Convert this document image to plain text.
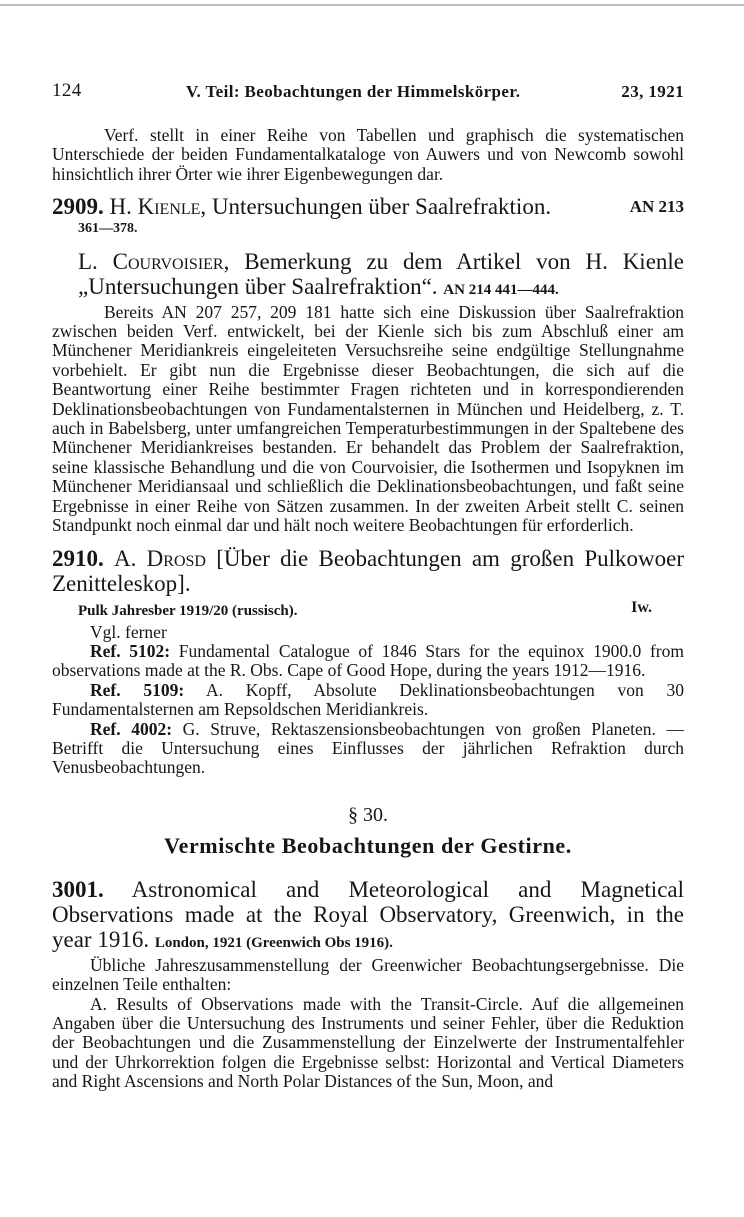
124	V. Teil: Beobachtungen der Himmelskörper.	23, 1921

Verf. stellt in einer Reihe von Tabellen und graphisch die systematischen Unterschiede der beiden Fundamentalkataloge von Auwers und von Newcomb sowohl hinsichtlich ihrer Örter wie ihrer Eigenbewegungen dar.

2909. H. Kienle, Untersuchungen über Saalrefraktion.	AN 213

361—378.

L. Courvoisier, Bemerkung zu dem Artikel von H. Kienle „Untersuchungen über Saalrefraktion“. AN 214 441—444.

Bereits AN 207 257, 209 181 hatte sich eine Diskussion über Saalrefraktion zwischen beiden Verf. entwickelt, bei der Kienle sich bis zum Abschluß einer am Münchener Meridiankreis eingeleiteten Versuchsreihe seine endgültige Stellungnahme vorbehielt. Er gibt nun die Ergebnisse dieser Beobachtungen, die sich auf die Beantwortung einer Reihe bestimmter Fragen richteten und in korrespondierenden Deklinationsbeobachtungen von Fundamentalsternen in München und Heidelberg, z. T. auch in Babelsberg, unter umfangreichen Temperaturbestimmungen in der Spaltebene des Münchener Meridiankreises bestanden. Er behandelt das Problem der Saalrefraktion, seine klassische Behandlung und die von Courvoisier, die Isothermen und Isopyknen im Münchener Meridiansaal und schließlich die Deklinationsbeobachtungen, und faßt seine Ergebnisse in einer Reihe von Sätzen zusammen. In der zweiten Arbeit stellt C. seinen Standpunkt noch einmal dar und hält noch weitere Beobachtungen für erforderlich.

2910. A. Drosd [Über die Beobachtungen am großen Pulkowoer Zenitteleskop].

Pulk Jahresber 1919/20 (russisch).	Iw.

Vgl. ferner

Ref. 5102: Fundamental Catalogue of 1846 Stars for the equinox 1900.0 from observations made at the R. Obs. Cape of Good Hope, during the years 1912—1916.

Ref. 5109: A. Kopff, Absolute Deklinationsbeobachtungen von 30 Fundamentalsternen am Repsoldschen Meridiankreis.

Ref. 4002: G. Struve, Rektaszensionsbeobachtungen von großen Planeten. — Betrifft die Untersuchung eines Einflusses der jährlichen Refraktion durch Venusbeobachtungen.

§ 30.
Vermischte Beobachtungen der Gestirne.

3001. Astronomical and Meteorological and Magnetical Observations made at the Royal Observatory, Greenwich, in the year 1916. London, 1921 (Greenwich Obs 1916).

Übliche Jahreszusammenstellung der Greenwicher Beobachtungsergebnisse. Die einzelnen Teile enthalten:

A. Results of Observations made with the Transit-Circle. Auf die allgemeinen Angaben über die Untersuchung des Instruments und seiner Fehler, über die Reduktion der Beobachtungen und die Zusammenstellung der Einzelwerte der Instrumentalfehler und der Uhrkorrektion folgen die Ergebnisse selbst: Horizontal and Vertical Diameters and Right Ascensions and North Polar Distances of the Sun, Moon, and
